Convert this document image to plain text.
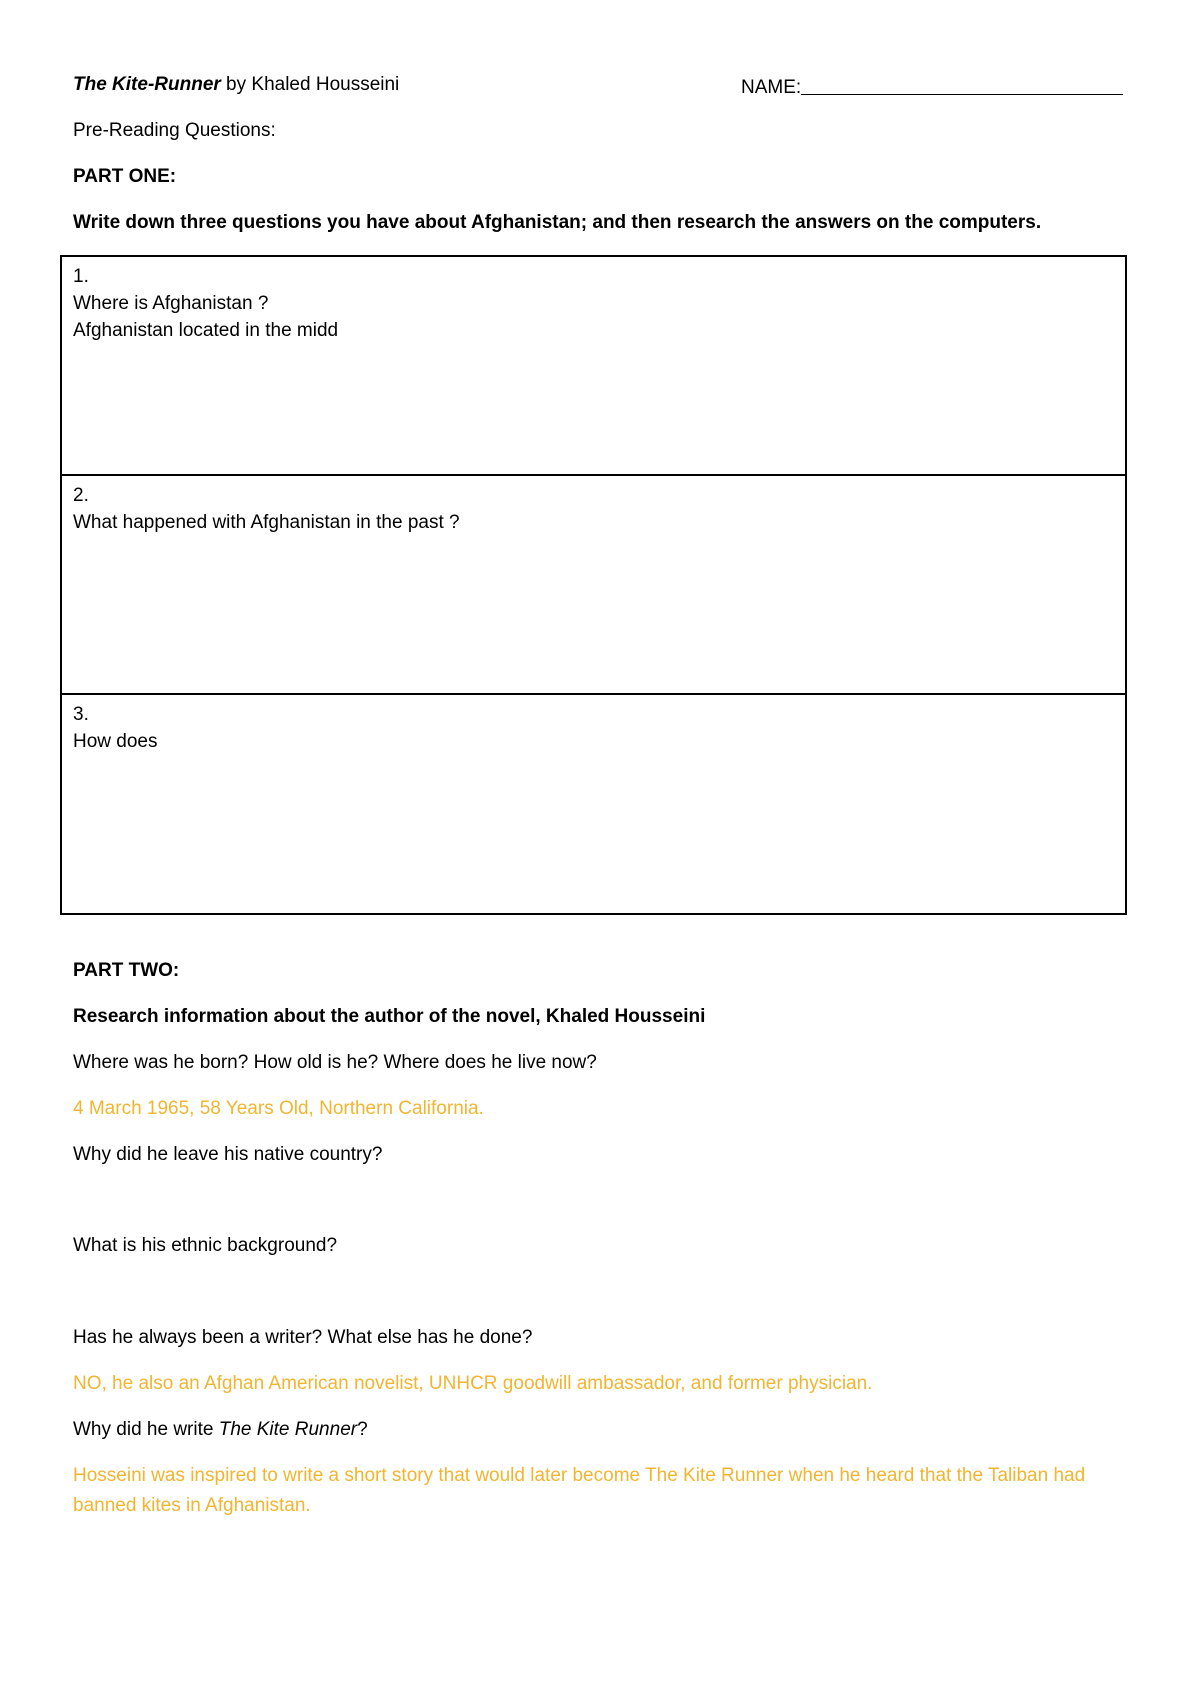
The Kite-Runner by Khaled Housseini	NAME:
Pre-Reading Questions:
PART ONE:
Write down three questions you have about Afghanistan; and then research the answers on the computers.
1.
Where is Afghanistan ?
Afghanistan located in the midd
2.
What happened with Afghanistan in the past ?
3.
How does
PART TWO:
Research information about the author of the novel, Khaled Housseini
Where was he born? How old is he? Where does he live now?
4 March 1965, 58 Years Old, Northern California.
Why did he leave his native country?
What is his ethnic background?
Has he always been a writer? What else has he done?
NO, he also an Afghan American novelist, UNHCR goodwill ambassador, and former physician.
Why did he write The Kite Runner?
Hosseini was inspired to write a short story that would later become The Kite Runner when he heard that the Taliban had banned kites in Afghanistan.
